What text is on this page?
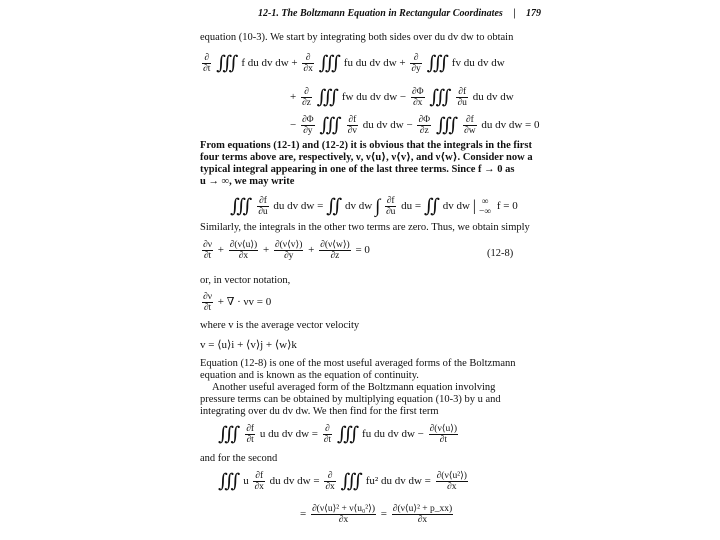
12-1. The Boltzmann Equation in Rectangular Coordinates | 179
equation (10-3). We start by integrating both sides over du dv dw to obtain
$\frac{\partial}{\partial t}$ ∭ f du dv dw + $\frac{\partial}{\partial x}$ ∭ fu du dv dw + $\frac{\partial}{\partial y}$ ∭ fv du dv dw
+ $\frac{\partial}{\partial z}$ ∭ fw du dv dw − $\frac{\partial\Phi}{\partial x}$ ∭ $\frac{\partial f}{\partial u}$ du dv dw
− $\frac{\partial\Phi}{\partial y}$ ∭ $\frac{\partial f}{\partial v}$ du dv dw − $\frac{\partial\Phi}{\partial z}$ ∭ $\frac{\partial f}{\partial w}$ du dv dw = 0
From equations (12-1) and (12-2) it is obvious that the integrals in the first
four terms above are, respectively, ν, ν⟨u⟩, ν⟨v⟩, and ν⟨w⟩. Consider now a
typical integral appearing in one of the last three terms. Since f → 0 as
u → ∞, we may write
∭ $\frac{\partial f}{\partial u}$ du dv dw = ∬ dv dw ∫ $\frac{\partial f}{\partial u}$ du = ∬ dv dw | ∞
−∞ f = 0
Similarly, the integrals in the other two terms are zero. Thus, we obtain simply
$\frac{\partial\nu}{\partial t} + \frac{\partial(\nu⟨u⟩)}{\partial x} + \frac{\partial(\nu⟨v⟩)}{\partial y} + \frac{\partial(\nu⟨w⟩)}{\partial z} = 0$	(12-8)
or, in vector notation,
$\frac{\partial\nu}{\partial t}$ + ∇ · νv = 0
where v is the average vector velocity
v = ⟨u⟩i + ⟨v⟩j + ⟨w⟩k
Equation (12-8) is one of the most useful averaged forms of the Boltzmann
equation and is known as the equation of continuity.
Another useful averaged form of the Boltzmann equation involving
pressure terms can be obtained by multiplying equation (10-3) by u and
integrating over du dv dw. We then find for the first term
∭ $\frac{\partial f}{\partial t}$ u du dv dw = $\frac{\partial}{\partial t}$ ∭ fu du dv dw − $\frac{\partial(\nu⟨u⟩)}{\partial t}$
and for the second
∭ u $\frac{\partial f}{\partial x}$ du dv dw = $\frac{\partial}{\partial x}$ ∭ fu² du dv dw = $\frac{\text{∂(ν⟨u²⟩)}}{\partial x}$
= $\frac{\text{∂(ν⟨u⟩² + ν⟨u₀²⟩)}}{\partial x} = \frac{\text{∂(ν⟨u⟩² + p\_xx)}}{\partial x}$
